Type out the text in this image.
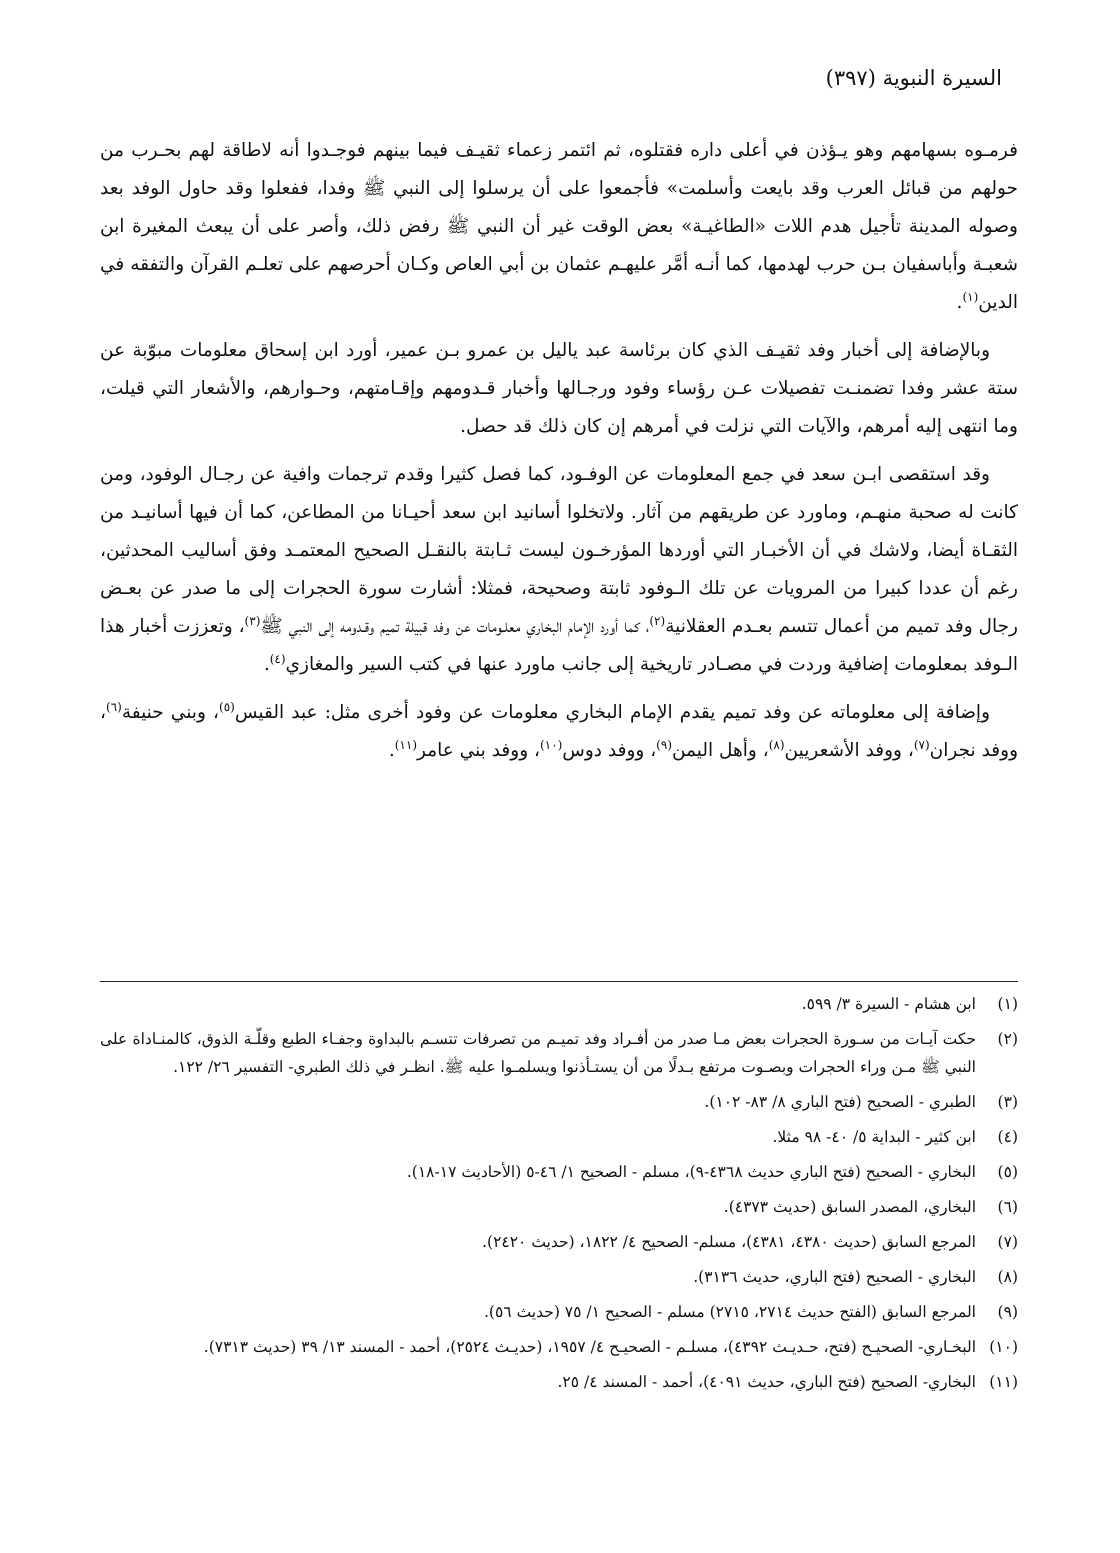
السيرة النبوية (٣٩٧)

فرمـوه بسهامهم وهو يـؤذن في أعلى داره فقتلوه، ثم ائتمر زعماء ثقيـف فيما بينهم فوجـدوا أنه لاطاقة لهم بحـرب من حولهم من قبائل العرب وقد بايعت وأسلمت» فأجمعوا على أن يرسلوا إلى النبي ﷺ وفدا، ففعلوا وقد حاول الوفد بعد وصوله المدينة تأجيل هدم اللات «الطاغيـة» بعض الوقت غير أن النبي ﷺ رفض ذلك، وأصر على أن يبعث المغيرة ابن شعبـة وأباسفيان بـن حرب لهدمها، كما أنـه أمَّر عليهـم عثمان بن أبي العاص وكـان أحرصهم على تعلـم القرآن والتفقه في الدين$^{(١)}$.

وبالإضافة إلى أخبار وفد ثقيـف الذي كان برئاسة عبد ياليل بن عمرو بـن عمير، أورد ابن إسحاق معلومات مبوّبة عن ستة عشر وفدا تضمنـت تفصيلات عـن رؤساء وفود ورجـالها وأخبار قـدومهم وإقـامتهم، وحـوارهم، والأشعار التي قيلت، وما انتهى إليه أمرهم، والآيات التي نزلت في أمرهم إن كان ذلك قد حصل.

وقد استقصى ابـن سعد في جمع المعلومات عن الوفـود، كما فصل كثيرا وقدم ترجمات وافية عن رجـال الوفود، ومن كانت له صحبة منهـم، وماورد عن طريقهم من آثار. ولاتخلوا أسانيد ابن سعد أحيـانا من المطاعن، كما أن فيها أسانيـد من الثقـاة أيضا، ولاشك في أن الأخبـار التي أوردها المؤرخـون ليست ثـابتة بالنقـل الصحيح المعتمـد وفق أساليب المحدثين، رغم أن عددا كبيرا من المرويات عن تلك الـوفود ثابتة وصحيحة، فمثلا: أشارت سورة الحجرات إلى ما صدر عن بعـض رجال وفد تميم من أعمال تتسم بعـدم العقلانية$^{(٢)}$، كما أورد الإمام البخاري معلـومات عن وفد قبيلة تميم وقـدومه إلى النبي ﷺ$^{(٣)}$، وتعززت أخبار هذا الـوفد بمعلومات إضافية وردت في مصـادر تاريخية إلى جانب ماورد عنها في كتب السير والمغازي$^{(٤)}$.

وإضافة إلى معلوماته عن وفد تميم يقدم الإمام البخاري معلومات عن وفود أخرى مثل: عبد القيس$^{(٥)}$، وبني حنيفة$^{(٦)}$، ووفد نجران$^{(٧)}$، ووفد الأشعريين$^{(٨)}$، وأهل اليمن$^{(٩)}$، ووفد دوس$^{(١٠)}$، ووفد بني عامر$^{(١١)}$.

(١)
ابن هشام - السيرة ٣/ ٥٩٩.
(٢)
حكت آيـات من سـورة الحجرات بعض مـا صدر من أفـراد وفد تميـم من تصرفات تتسـم بالبداوة وجفـاء الطبع وقلّـة الذوق، كالمنـاداة على النبي ﷺ مـن وراء الحجرات وبصـوت مرتفع بـدلًا من أن يستـأذنوا ويسلمـوا عليه ﷺ. انظـر في ذلك الطبري- التفسير ٢٦/ ١٢٢.
(٣)
الطبري - الصحيح (فتح الباري ٨/ ٨٣- ١٠٢).
(٤)
ابن كثير - البداية ٥/ ٤٠- ٩٨ مثلا.
(٥)
البخاري - الصحيح (فتح الباري حديث ٤٣٦٨-٩)، مسلم - الصحيح ١/ ٤٦-٥ (الأحاديث ١٧-١٨).
(٦)
البخاري، المصدر السابق (حديث ٤٣٧٣).
(٧)
المرجع السابق (حديث ٤٣٨٠، ٤٣٨١)، مسلم- الصحيح ٤/ ١٨٢٢، (حديث ٢٤٢٠).
(٨)
البخاري - الصحيح (فتح الباري، حديث ٣١٣٦).
(٩)
المرجع السابق (الفتح حديث ٢٧١٤، ٢٧١٥) مسلم - الصحيح ١/ ٧٥ (حديث ٥٦).
(١٠)
البخـاري- الصحيـح (فتح، حـديـث ٤٣٩٢)، مسلـم - الصحيـح ٤/ ١٩٥٧، (حديـث ٢٥٢٤)، أحمد - المسند ١٣/ ٣٩ (حديث ٧٣١٣).
(١١)
البخاري- الصحيح (فتح الباري، حديث ٤٠٩١)، أحمد - المسند ٤/ ٢٥.
